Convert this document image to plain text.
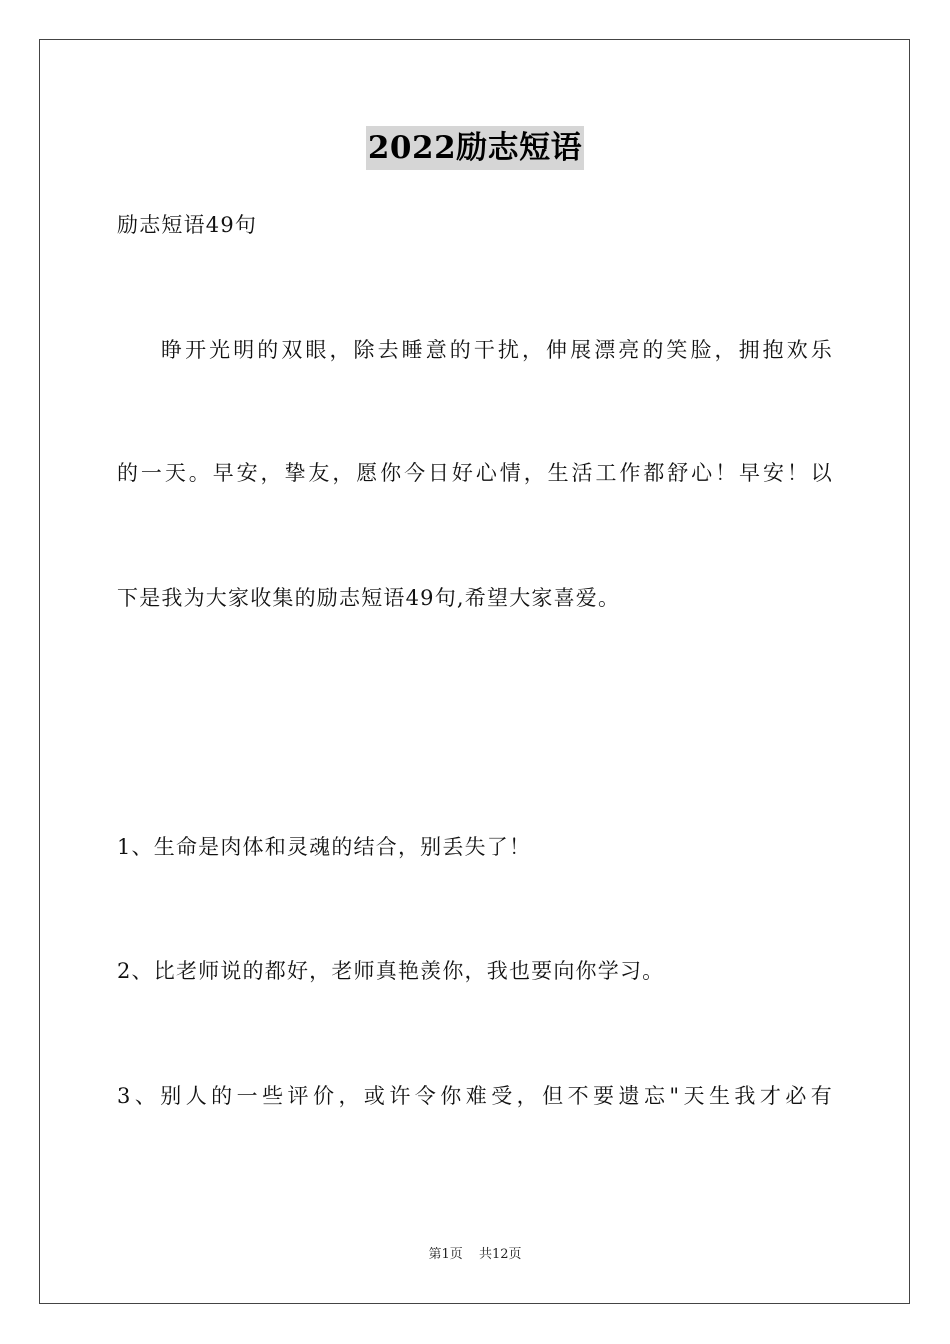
2022励志短语
励志短语49句
睁开光明的双眼，除去睡意的干扰，伸展漂亮的笑脸，拥抱欢乐
的一天。早安，挚友，愿你今日好心情，生活工作都舒心！早安！以
下是我为大家收集的励志短语49句,希望大家喜爱。
1、生命是肉体和灵魂的结合，别丢失了！
2、比老师说的都好，老师真艳羡你，我也要向你学习。
3、别人的一些评价，或许令你难受，但不要遗忘"天生我才必有
第1页 共12页
